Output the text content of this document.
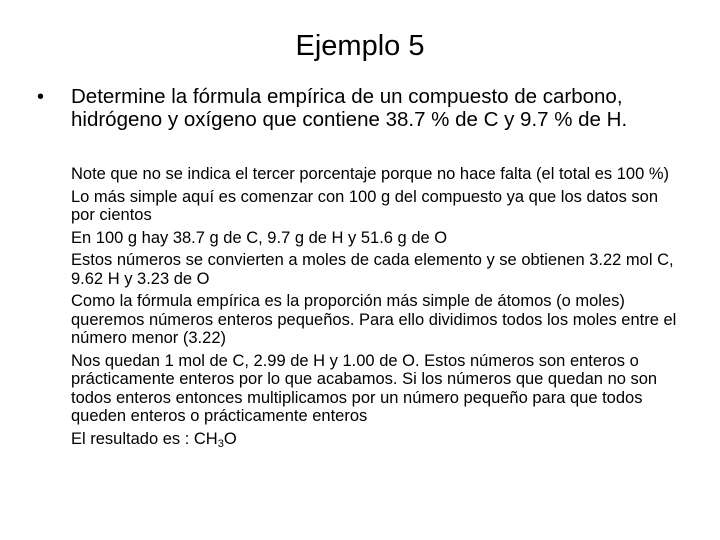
Ejemplo 5
• Determine la fórmula empírica de un compuesto de carbono, hidrógeno y oxígeno que contiene 38.7 % de C y 9.7 % de H.
Note que no se indica el tercer porcentaje porque no hace falta (el total es 100 %)
Lo más simple aquí es comenzar con 100 g del compuesto ya que los datos son por cientos
En 100 g hay 38.7 g de C, 9.7 g de H y 51.6 g de O
Estos números se convierten a moles de cada elemento y se obtienen 3.22 mol C, 9.62 H y 3.23 de O
Como la fórmula empírica es la proporción más simple de átomos (o moles) queremos números enteros pequeños. Para ello dividimos todos los moles entre el número menor (3.22)
Nos quedan 1 mol de C, 2.99 de H y 1.00 de O. Estos números son enteros o prácticamente enteros por lo que acabamos. Si los números que quedan no son todos enteros entonces multiplicamos por un número pequeño para que todos queden enteros o prácticamente enteros
El resultado es : $CH_3O$
